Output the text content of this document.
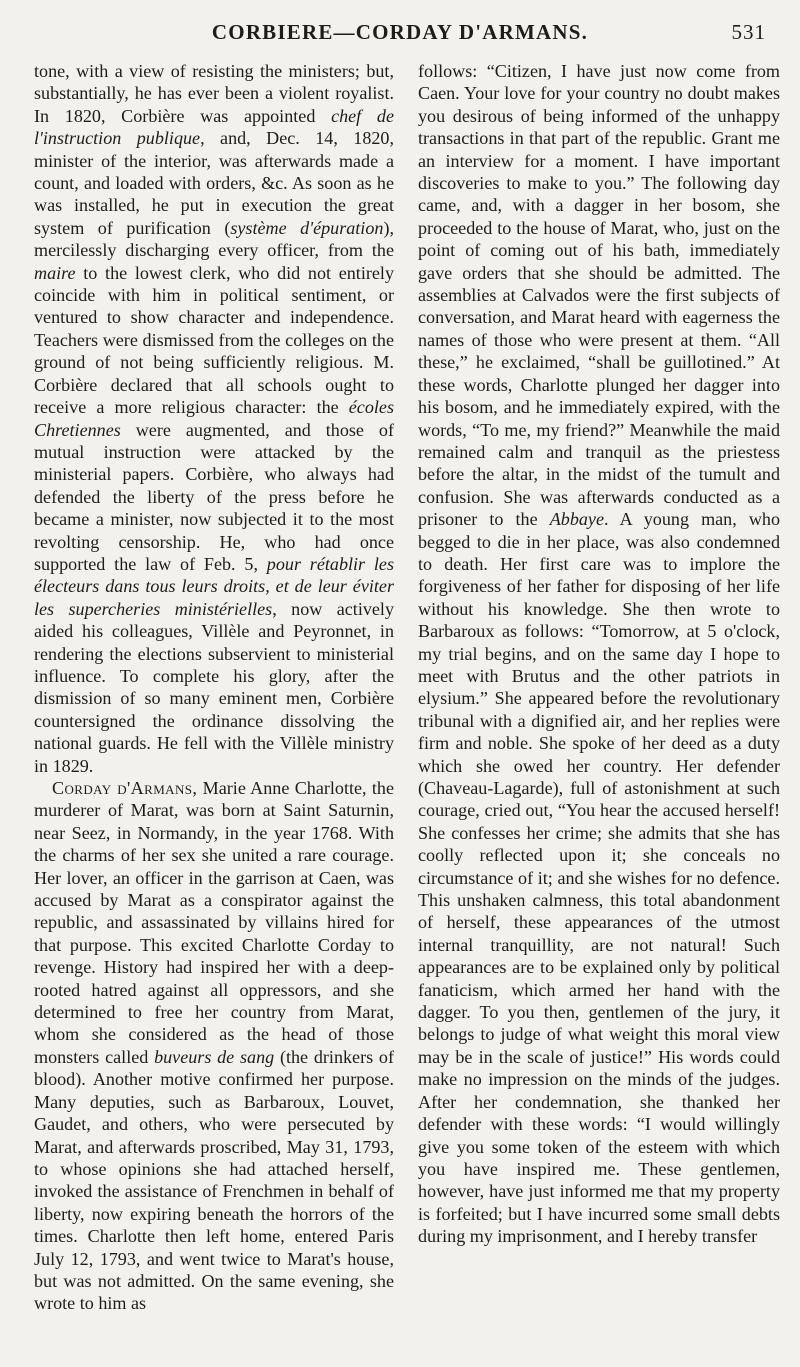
CORBIERE—CORDAY D'ARMANS.	531

tone, with a view of resisting the ministers; but, substantially, he has ever been a violent royalist. In 1820, Corbière was appointed chef de l'instruction publique, and, Dec. 14, 1820, minister of the interior, was afterwards made a count, and loaded with orders, &c. As soon as he was installed, he put in execution the great system of purification (système d'épuration), mercilessly discharging every officer, from the maire to the lowest clerk, who did not entirely coincide with him in political sentiment, or ventured to show character and independence. Teachers were dismissed from the colleges on the ground of not being sufficiently religious. M. Corbière declared that all schools ought to receive a more religious character: the écoles Chretiennes were augmented, and those of mutual instruction were attacked by the ministerial papers. Corbière, who always had defended the liberty of the press before he became a minister, now subjected it to the most revolting censorship. He, who had once supported the law of Feb. 5, pour rétablir les électeurs dans tous leurs droits, et de leur éviter les supercheries ministérielles, now actively aided his colleagues, Villèle and Peyronnet, in rendering the elections subservient to ministerial influence. To complete his glory, after the dismission of so many eminent men, Corbière countersigned the ordinance dissolving the national guards. He fell with the Villèle ministry in 1829.

Corday d'Armans, Marie Anne Charlotte, the murderer of Marat, was born at Saint Saturnin, near Seez, in Normandy, in the year 1768. With the charms of her sex she united a rare courage. Her lover, an officer in the garrison at Caen, was accused by Marat as a conspirator against the republic, and assassinated by villains hired for that purpose. This excited Charlotte Corday to revenge. History had inspired her with a deep-rooted hatred against all oppressors, and she determined to free her country from Marat, whom she considered as the head of those monsters called buveurs de sang (the drinkers of blood). Another motive confirmed her purpose. Many deputies, such as Barbaroux, Louvet, Gaudet, and others, who were persecuted by Marat, and afterwards proscribed, May 31, 1793, to whose opinions she had attached herself, invoked the assistance of Frenchmen in behalf of liberty, now expiring beneath the horrors of the times. Charlotte then left home, entered Paris July 12, 1793, and went twice to Marat's house, but was not admitted. On the same evening, she wrote to him as

follows: “Citizen, I have just now come from Caen. Your love for your country no doubt makes you desirous of being informed of the unhappy transactions in that part of the republic. Grant me an interview for a moment. I have important discoveries to make to you.” The following day came, and, with a dagger in her bosom, she proceeded to the house of Marat, who, just on the point of coming out of his bath, immediately gave orders that she should be admitted. The assemblies at Calvados were the first subjects of conversation, and Marat heard with eagerness the names of those who were present at them. “All these,” he exclaimed, “shall be guillotined.” At these words, Charlotte plunged her dagger into his bosom, and he immediately expired, with the words, “To me, my friend?” Meanwhile the maid remained calm and tranquil as the priestess before the altar, in the midst of the tumult and confusion. She was afterwards conducted as a prisoner to the Abbaye. A young man, who begged to die in her place, was also condemned to death. Her first care was to implore the forgiveness of her father for disposing of her life without his knowledge. She then wrote to Barbaroux as follows: “Tomorrow, at 5 o'clock, my trial begins, and on the same day I hope to meet with Brutus and the other patriots in elysium.” She appeared before the revolutionary tribunal with a dignified air, and her replies were firm and noble. She spoke of her deed as a duty which she owed her country. Her defender (Chaveau-Lagarde), full of astonishment at such courage, cried out, “You hear the accused herself! She confesses her crime; she admits that she has coolly reflected upon it; she conceals no circumstance of it; and she wishes for no defence. This unshaken calmness, this total abandonment of herself, these appearances of the utmost internal tranquillity, are not natural! Such appearances are to be explained only by political fanaticism, which armed her hand with the dagger. To you then, gentlemen of the jury, it belongs to judge of what weight this moral view may be in the scale of justice!” His words could make no impression on the minds of the judges. After her condemnation, she thanked her defender with these words: “I would willingly give you some token of the esteem with which you have inspired me. These gentlemen, however, have just informed me that my property is forfeited; but I have incurred some small debts during my imprisonment, and I hereby transfer
